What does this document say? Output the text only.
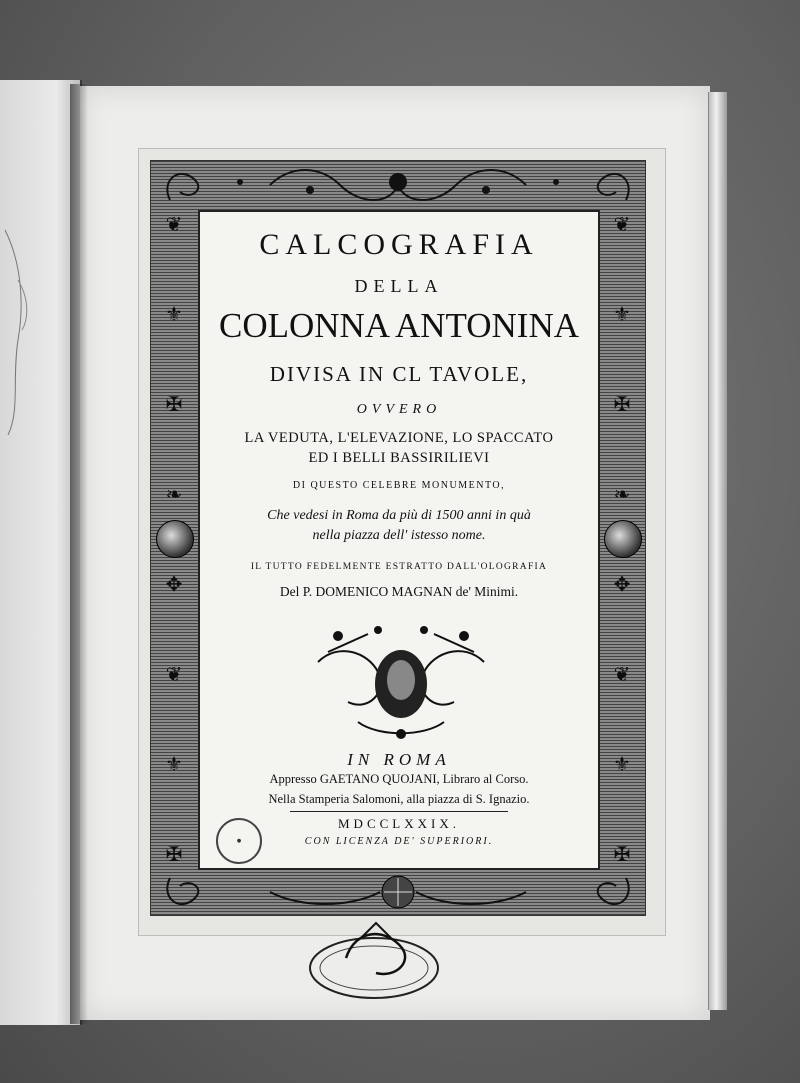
❦
⚜
✠
❧
✥
❦
⚜
✠
❦
⚜
✠
❧
✥
❦
⚜
✠
CALCOGRAFIA
DELLA
COLONNA ANTONINA
DIVISA IN CL TAVOLE,
OVVERO
LA VEDUTA, L'ELEVAZIONE, LO SPACCATO
ED I BELLI BASSIRILIEVI
DI QUESTO CELEBRE MONUMENTO,
Che vedesi in Roma da più di 1500 anni in quà
nella piazza dell' istesso nome.
IL TUTTO FEDELMENTE ESTRATTO DALL'OLOGRAFIA
Del P. DOMENICO MAGNAN de' Minimi.
IN ROMA
Appresso GAETANO QUOJANI, Libraro al Corso.
Nella Stamperia Salomoni, alla piazza di S. Ignazio.
MDCCLXXIX.
CON LICENZA DE' SUPERIORI.
●
